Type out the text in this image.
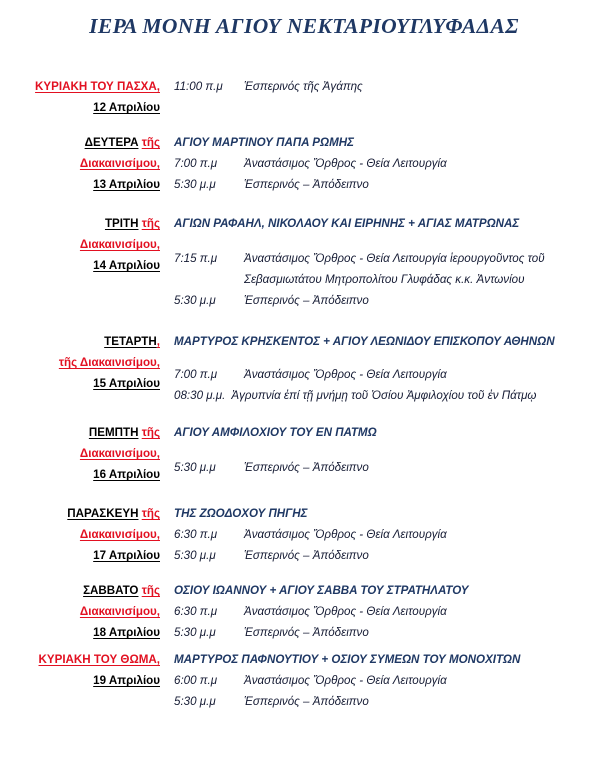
ΙΕΡΑ ΜΟΝΗ ΑΓΙΟΥ ΝΕΚΤΑΡΙΟΥΓΛΥΦΑΔΑΣ
ΚΥΡΙΑΚΗ ΤΟΥ ΠΑΣΧΑ,
12 Απριλίου
11:00 π.μ	Ἑσπερινός τῆς Ἀγάπης
ΔΕΥΤΕΡΑ τῆς
Διακαινισίμου,
13 Απριλίου
ΑΓΙΟΥ ΜΑΡΤΙΝΟΥ ΠΑΠΑ ΡΩΜΗΣ
7:00 π.μ	Ἀναστάσιμος Ὄρθρος - Θεία Λειτουργία
5:30 μ.μ	Ἑσπερινός – Ἀπόδειπνο
ΤΡΙΤΗ τῆς
Διακαινισίμου,
14 Απριλίου
ΑΓΙΩΝ ΡΑΦΑΗΛ, ΝΙΚΟΛΑΟΥ ΚΑΙ ΕΙΡΗΝΗΣ + ΑΓΙΑΣ ΜΑΤΡΩΝΑΣ
7:15 π.μ	Ἀναστάσιμος Ὄρθρος - Θεία Λειτουργία ἱερουργοῦντος τοῦ Σεβασμιωτάτου Μητροπολίτου Γλυφάδας κ.κ. Ἀντωνίου
5:30 μ.μ	Ἑσπερινός – Ἀπόδειπνο
ΤΕΤΑΡΤΗ,
τῆς Διακαινισίμου,
15 Απριλίου
ΜΑΡΤΥΡΟΣ ΚΡΗΣΚΕΝΤΟΣ + ΑΓΙΟΥ ΛΕΩΝΙΔΟΥ ΕΠΙΣΚΟΠΟΥ ΑΘΗΝΩΝ
7:00 π.μ	Ἀναστάσιμος Ὄρθρος - Θεία Λειτουργία
08:30 μ.μ. Ἀγρυπνία ἐπί τῇ μνήμῃ τοῦ Ὁσίου Ἀμφιλοχίου τοῦ ἐν Πάτμῳ
ΠΕΜΠΤΗ τῆς
Διακαινισίμου,
16 Απριλίου
ΑΓΙΟΥ ΑΜΦΙΛΟΧΙΟΥ ΤΟΥ ΕΝ ΠΑΤΜΩ
5:30 μ.μ	Ἑσπερινός – Ἀπόδειπνο
ΠΑΡΑΣΚΕΥΗ τῆς
Διακαινισίμου,
17 Απριλίου
ΤΗΣ ΖΩΟΔΟΧΟΥ ΠΗΓΗΣ
6:30 π.μ	Ἀναστάσιμος Ὄρθρος - Θεία Λειτουργία
5:30 μ.μ	Ἑσπερινός – Ἀπόδειπνο
ΣΑΒΒΑΤΟ τῆς
Διακαινισίμου,
18 Απριλίου
ΟΣΙΟΥ ΙΩΑΝΝΟΥ + ΑΓΙΟΥ ΣΑΒΒΑ ΤΟΥ ΣΤΡΑΤΗΛΑΤΟΥ
6:30 π.μ	Ἀναστάσιμος Ὄρθρος - Θεία Λειτουργία
5:30 μ.μ	Ἑσπερινός – Ἀπόδειπνο
ΚΥΡΙΑΚΗ ΤΟΥ ΘΩΜΑ,
19 Απριλίου
ΜΑΡΤΥΡΟΣ ΠΑΦΝΟΥΤΙΟΥ + ΟΣΙΟΥ ΣΥΜΕΩΝ ΤΟΥ ΜΟΝΟΧΙΤΩΝ
6:00 π.μ	Ἀναστάσιμος Ὄρθρος - Θεία Λειτουργία
5:30 μ.μ	Ἑσπερινός – Ἀπόδειπνο
